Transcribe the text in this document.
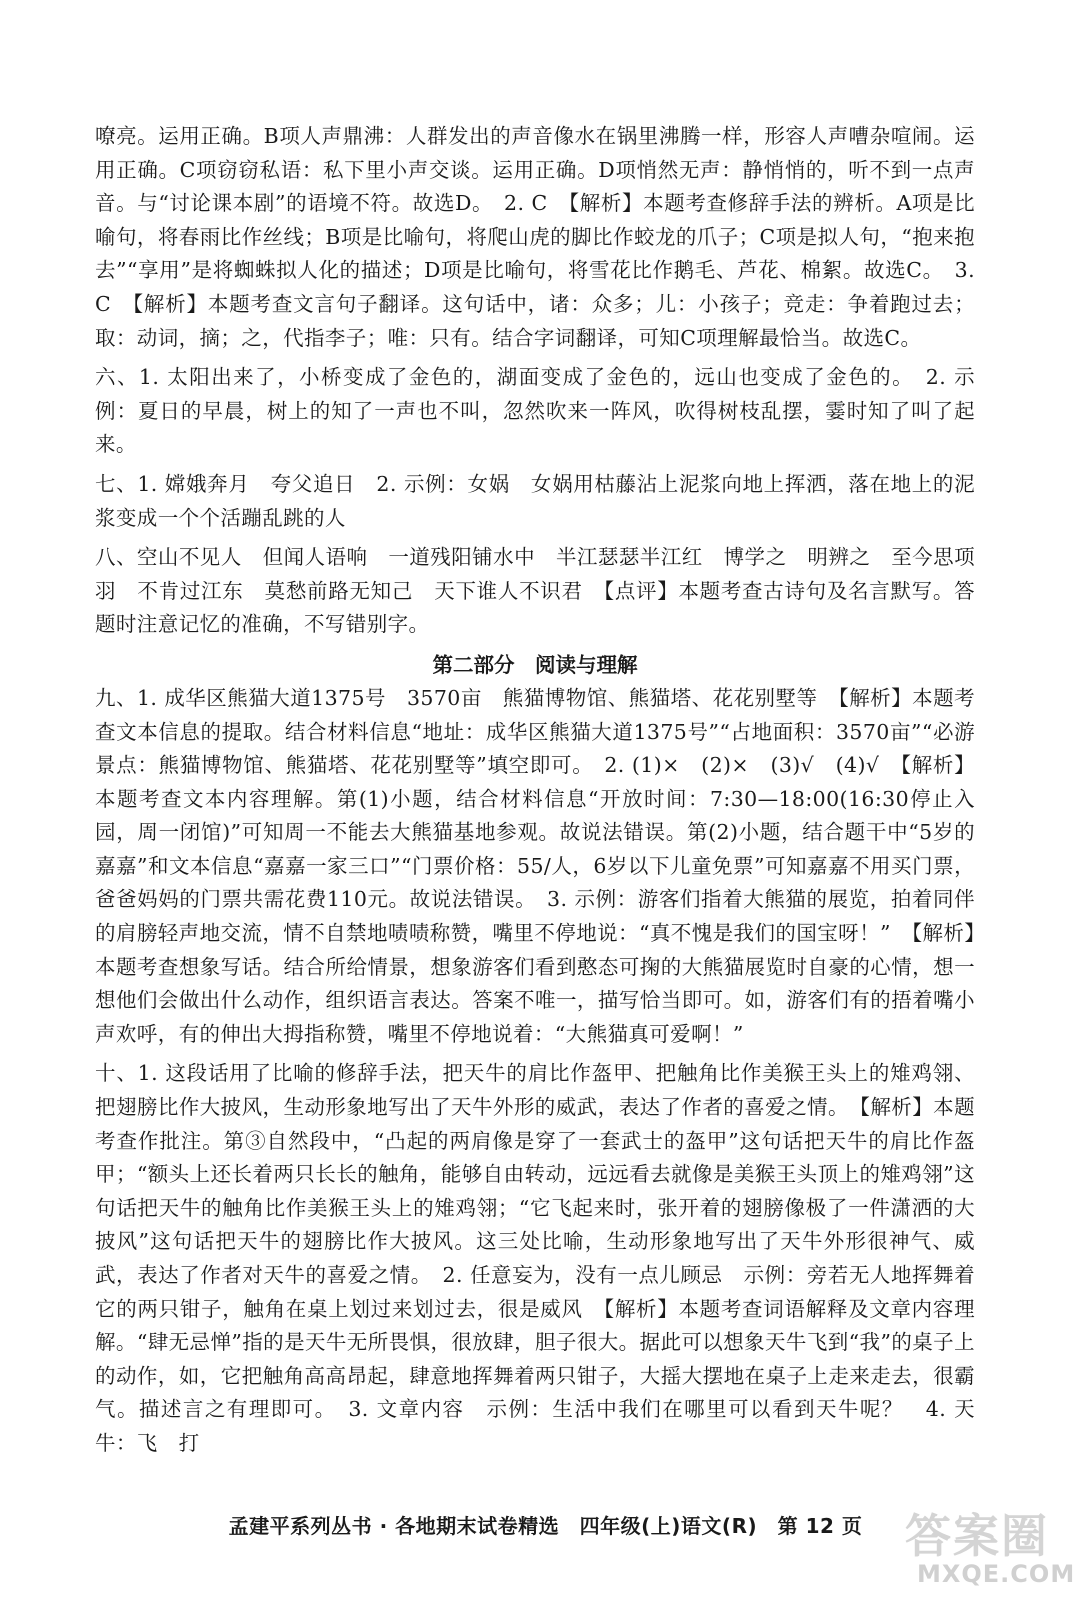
嘹亮。运用正确。B项人声鼎沸：人群发出的声音像水在锅里沸腾一样，形容人声嘈杂喧闹。运用正确。C项窃窃私语：私下里小声交谈。运用正确。D项悄然无声：静悄悄的，听不到一点声音。与“讨论课本剧”的语境不符。故选D。　2. C　【解析】本题考查修辞手法的辨析。A项是比喻句，将春雨比作丝线；B项是比喻句，将爬山虎的脚比作蛟龙的爪子；C项是拟人句，“抱来抱去”“享用”是将蜘蛛拟人化的描述；D项是比喻句，将雪花比作鹅毛、芦花、棉絮。故选C。　3. C　【解析】本题考查文言句子翻译。这句话中，诸：众多；儿：小孩子；竞走：争着跑过去；取：动词，摘；之，代指李子；唯：只有。结合字词翻译，可知C项理解最恰当。故选C。

六、1. 太阳出来了，小桥变成了金色的，湖面变成了金色的，远山也变成了金色的。　2. 示例：夏日的早晨，树上的知了一声也不叫，忽然吹来一阵风，吹得树枝乱摆，霎时知了叫了起来。

七、1. 嫦娥奔月　夸父追日　2. 示例：女娲　女娲用枯藤沾上泥浆向地上挥洒，落在地上的泥浆变成一个个活蹦乱跳的人

八、空山不见人　但闻人语响　一道残阳铺水中　半江瑟瑟半江红　博学之　明辨之　至今思项羽　不肯过江东　莫愁前路无知己　天下谁人不识君　【点评】本题考查古诗句及名言默写。答题时注意记忆的准确，不写错别字。

第二部分　阅读与理解

九、1. 成华区熊猫大道1375号　3570亩　熊猫博物馆、熊猫塔、花花别墅等　【解析】本题考查文本信息的提取。结合材料信息“地址：成华区熊猫大道1375号”“占地面积：3570亩”“必游景点：熊猫博物馆、熊猫塔、花花别墅等”填空即可。　2. (1)×　(2)×　(3)√　(4)√　【解析】本题考查文本内容理解。第(1)小题，结合材料信息“开放时间：7:30—18:00(16:30停止入园，周一闭馆)”可知周一不能去大熊猫基地参观。故说法错误。第(2)小题，结合题干中“5岁的嘉嘉”和文本信息“嘉嘉一家三口”“门票价格：55/人，6岁以下儿童免票”可知嘉嘉不用买门票，爸爸妈妈的门票共需花费110元。故说法错误。　3. 示例：游客们指着大熊猫的展览，拍着同伴的肩膀轻声地交流，情不自禁地啧啧称赞，嘴里不停地说：“真不愧是我们的国宝呀！”　【解析】本题考查想象写话。结合所给情景，想象游客们看到憨态可掬的大熊猫展览时自豪的心情，想一想他们会做出什么动作，组织语言表达。答案不唯一，描写恰当即可。如，游客们有的捂着嘴小声欢呼，有的伸出大拇指称赞，嘴里不停地说着：“大熊猫真可爱啊！”

十、1. 这段话用了比喻的修辞手法，把天牛的肩比作盔甲、把触角比作美猴王头上的雉鸡翎、把翅膀比作大披风，生动形象地写出了天牛外形的威武，表达了作者的喜爱之情。　【解析】本题考查作批注。第③自然段中，“凸起的两肩像是穿了一套武士的盔甲”这句话把天牛的肩比作盔甲；“额头上还长着两只长长的触角，能够自由转动，远远看去就像是美猴王头顶上的雉鸡翎”这句话把天牛的触角比作美猴王头上的雉鸡翎；“它飞起来时，张开着的翅膀像极了一件潇洒的大披风”这句话把天牛的翅膀比作大披风。这三处比喻，生动形象地写出了天牛外形很神气、威武，表达了作者对天牛的喜爱之情。　2. 任意妄为，没有一点儿顾忌　示例：旁若无人地挥舞着它的两只钳子，触角在桌上划过来划过去，很是威风　【解析】本题考查词语解释及文章内容理解。“肆无忌惮”指的是天牛无所畏惧，很放肆，胆子很大。据此可以想象天牛飞到“我”的桌子上的动作，如，它把触角高高昂起，肆意地挥舞着两只钳子，大摇大摆地在桌子上走来走去，很霸气。描述言之有理即可。　3. 文章内容　示例：生活中我们在哪里可以看到天牛呢？　4. 天牛：飞　打

孟建平系列丛书 · 各地期末试卷精选　四年级(上)语文(R)　第 12 页 答案圈
MXQE.COM
